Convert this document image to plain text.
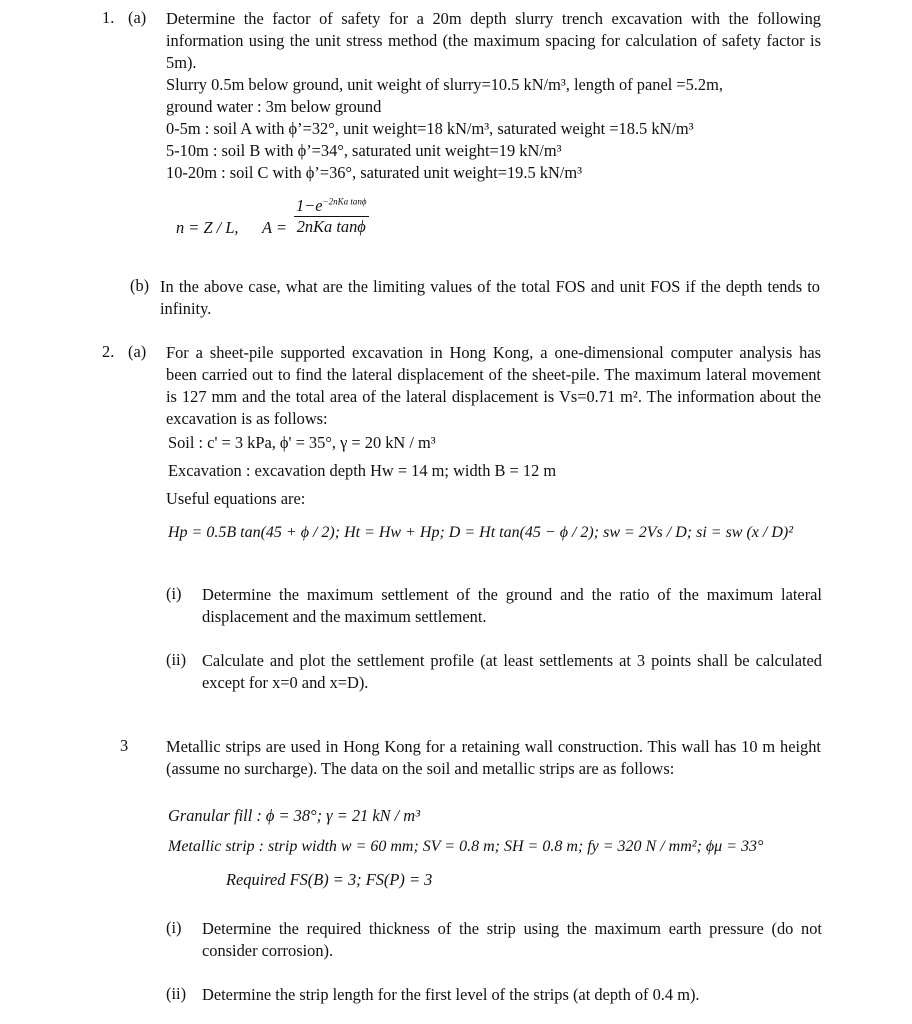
1. (a) Determine the factor of safety for a 20m depth slurry trench excavation with the following information using the unit stress method (the maximum spacing for calculation of safety factor is 5m).
Slurry 0.5m below ground, unit weight of slurry=10.5 kN/m³, length of panel =5.2m,
ground water : 3m below ground
0-5m : soil A with ϕ’=32°, unit weight=18 kN/m³, saturated weight =18.5 kN/m³
5-10m : soil B with ϕ’=34°, saturated unit weight=19 kN/m³
10-20m : soil C with ϕ’=36°, saturated unit weight=19.5 kN/m³
n = Z / L, $A = \frac{1-e^{-2nKa tan\phi}}{\text{2nKa tanϕ}}$
(b) In the above case, what are the limiting values of the total FOS and unit FOS if the depth tends to infinity.
2. (a) For a sheet-pile supported excavation in Hong Kong, a one-dimensional computer analysis has been carried out to find the lateral displacement of the sheet-pile. The maximum lateral movement is 127 mm and the total area of the lateral displacement is Vs=0.71 m². The information about the excavation is as follows:
Soil : c' = 3 kPa, ϕ' = 35°, γ = 20 kN / m³
Excavation : excavation depth Hw = 14 m; width B = 12 m
Useful equations are:
Hp = 0.5B tan(45 + ϕ / 2); Ht = Hw + Hp; D = Ht tan(45 − ϕ / 2); sw = 2Vs / D; si = sw (x / D)²
(i) Determine the maximum settlement of the ground and the ratio of the maximum lateral displacement and the maximum settlement.
(ii) Calculate and plot the settlement profile (at least settlements at 3 points shall be calculated except for x=0 and x=D).
3 Metallic strips are used in Hong Kong for a retaining wall construction. This wall has 10 m height (assume no surcharge). The data on the soil and metallic strips are as follows:
Granular fill : ϕ = 38°; γ = 21 kN / m³
Metallic strip : strip width w = 60 mm; SV = 0.8 m; SH = 0.8 m; fy = 320 N / mm²; ϕμ = 33°
Required FS(B) = 3; FS(P) = 3
(i) Determine the required thickness of the strip using the maximum earth pressure (do not consider corrosion).
(ii) Determine the strip length for the first level of the strips (at depth of 0.4 m).
